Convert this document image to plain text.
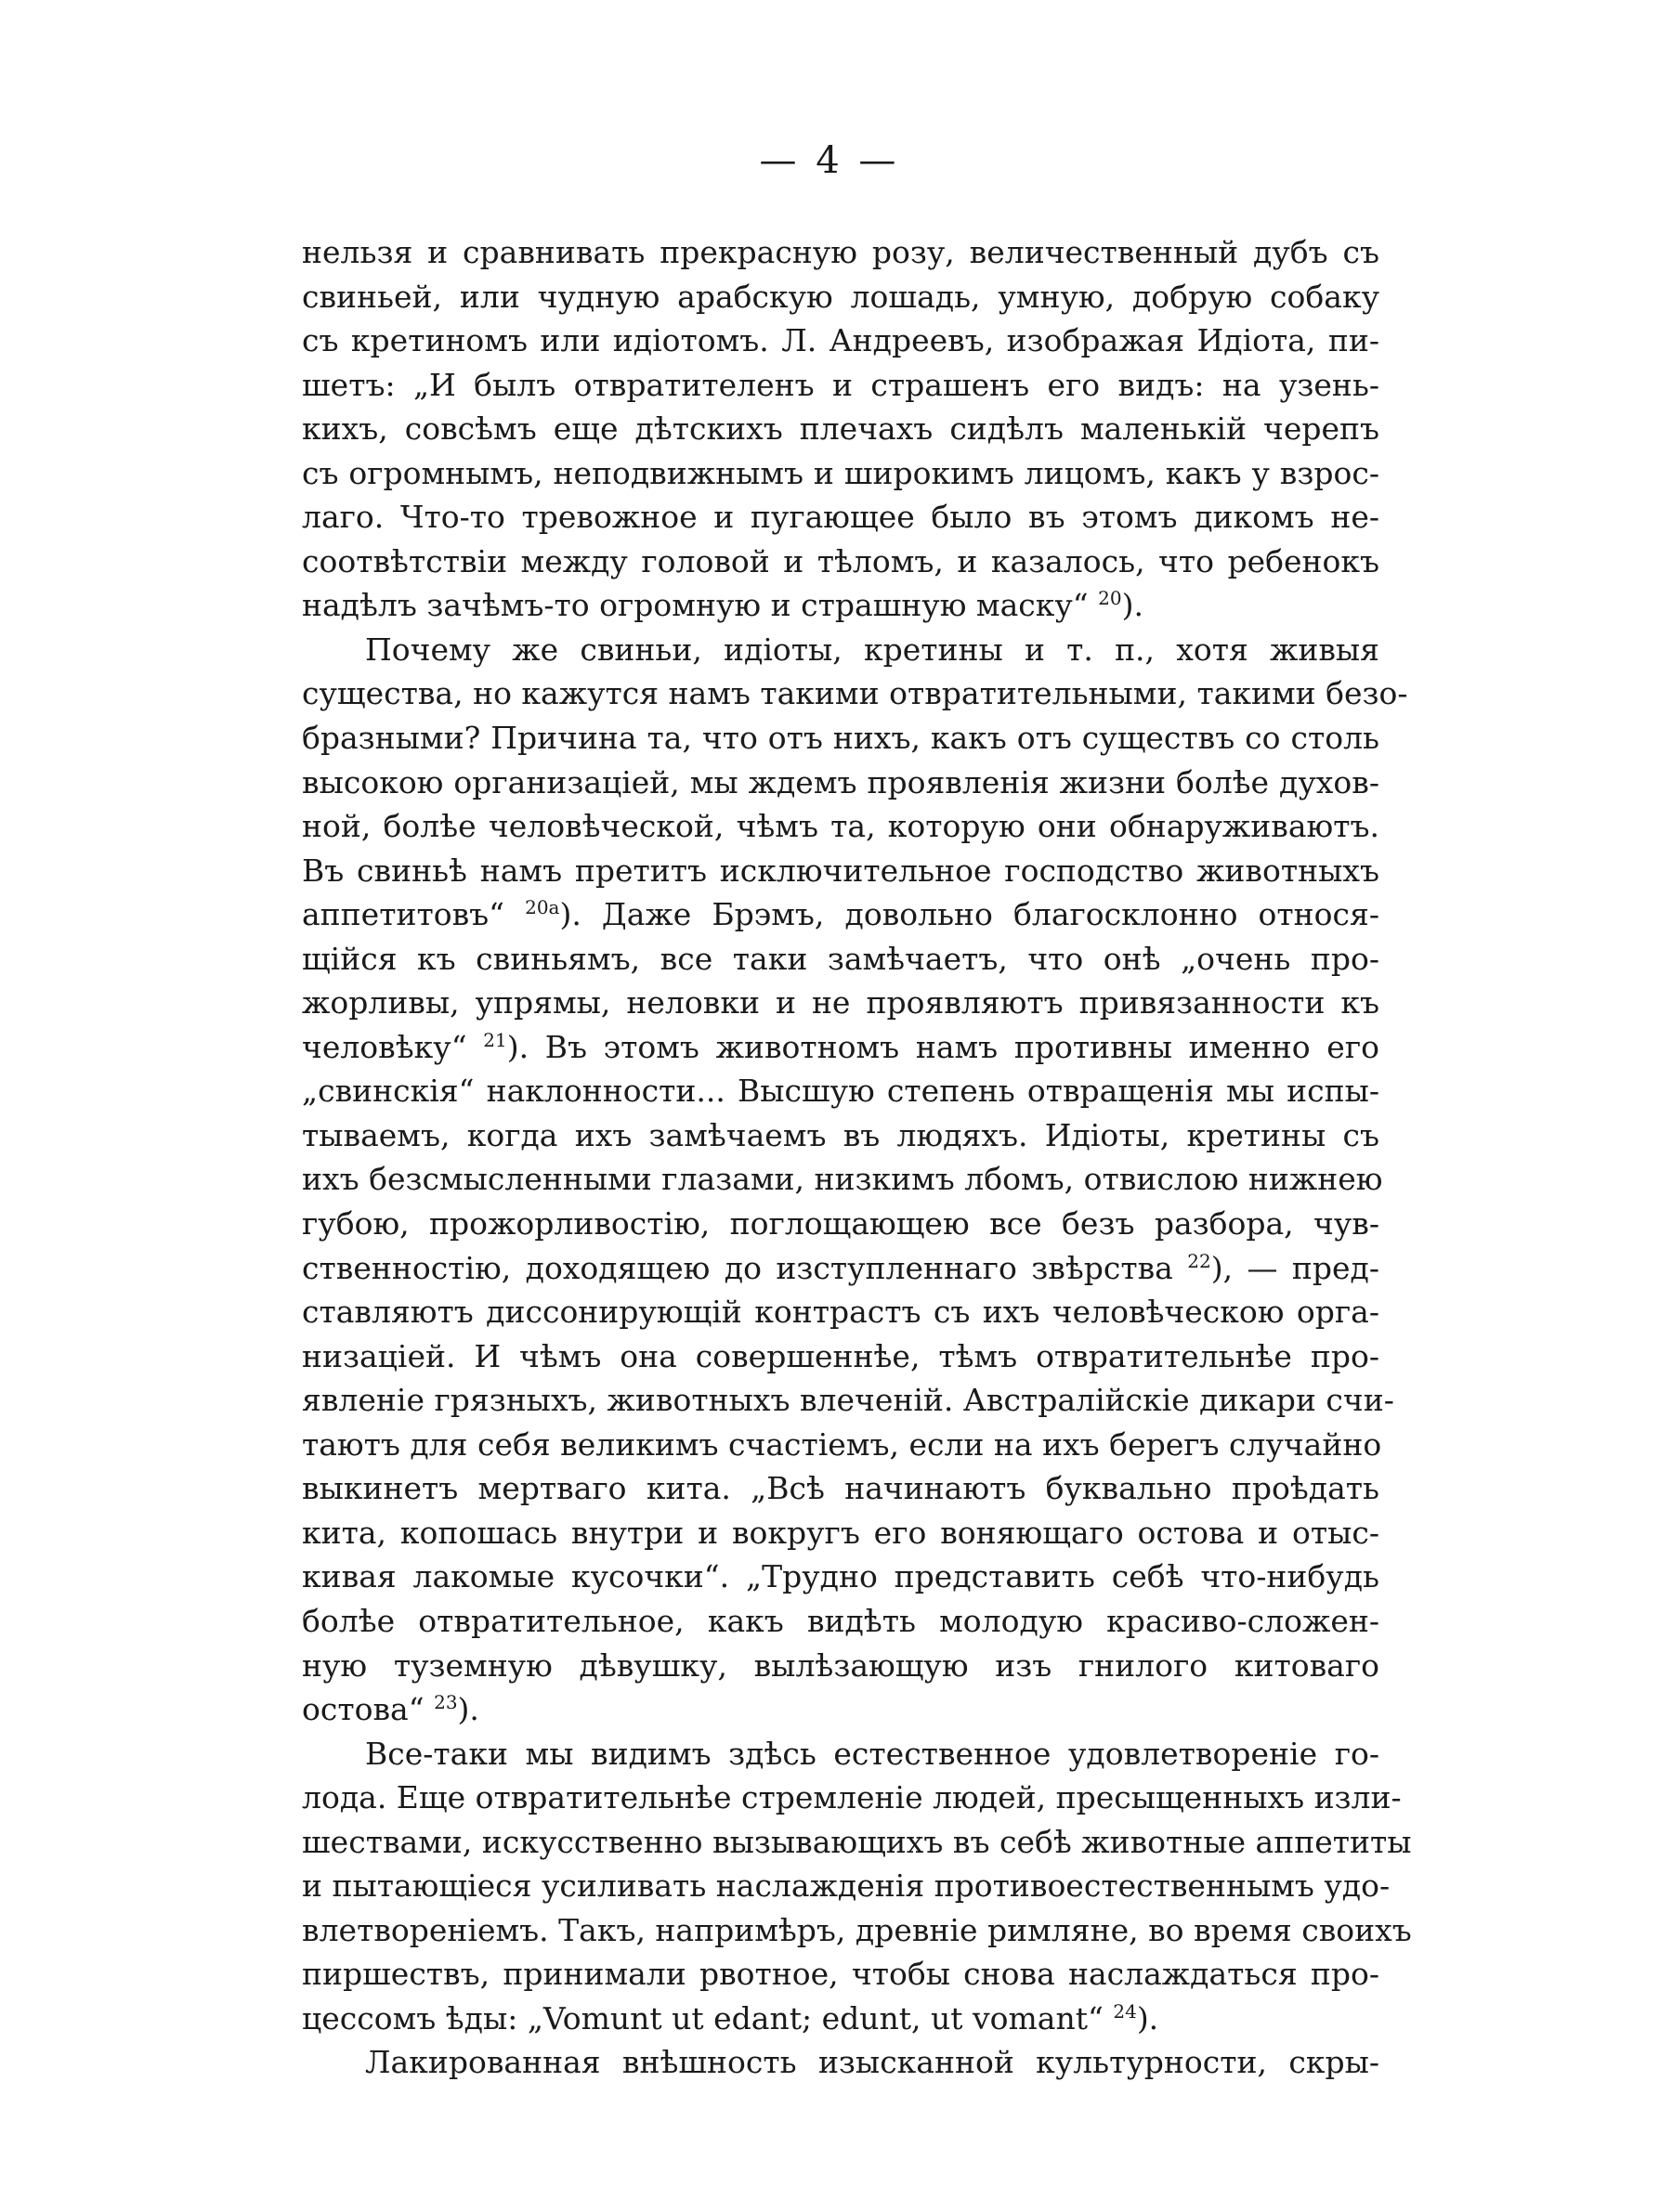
— 4 —
нельзя и сравнивать прекрасную розу, величественный дубъ съ
свиньей, или чудную арабскую лошадь, умную, добрую собаку
съ кретиномъ или идіотомъ. Л. Андреевъ, изображая Идіота, пи-
шетъ: „И былъ отвратителенъ и страшенъ его видъ: на узень-
кихъ, совсѣмъ еще дѣтскихъ плечахъ сидѣлъ маленькій черепъ
съ огромнымъ, неподвижнымъ и широкимъ лицомъ, какъ у взрос-
лаго. Что-то тревожное и пугающее было въ этомъ дикомъ не-
соотвѣтствіи между головой и тѣломъ, и казалось, что ребенокъ
надѣлъ зачѣмъ-то огромную и страшную маску“ $^{20}$).
Почему же свиньи, идіоты, кретины и т. п., хотя живыя
существа, но кажутся намъ такими отвратительными, такими безо-
бразными? Причина та, что отъ нихъ, какъ отъ существъ со столь
высокою организаціей, мы ждемъ проявленія жизни болѣе духов-
ной, болѣе человѣческой, чѣмъ та, которую они обнаруживаютъ.
Въ свиньѣ намъ претитъ исключительное господство животныхъ
аппетитовъ“ $^{20a}$). Даже Брэмъ, довольно благосклонно относя-
щійся къ свиньямъ, все таки замѣчаетъ, что онѣ „очень про-
жорливы, упрямы, неловки и не проявляютъ привязанности къ
человѣку“ $^{21}$). Въ этомъ животномъ намъ противны именно его
„свинскія“ наклонности... Высшую степень отвращенія мы испы-
тываемъ, когда ихъ замѣчаемъ въ людяхъ. Идіоты, кретины съ
ихъ безсмысленными глазами, низкимъ лбомъ, отвислою нижнею
губою, прожорливостію, поглощающею все безъ разбора, чув-
ственностію, доходящею до изступленнаго звѣрства $^{22}$), — пред-
ставляютъ диссонирующій контрастъ съ ихъ человѣческою орга-
низаціей. И чѣмъ она совершеннѣе, тѣмъ отвратительнѣе про-
явленіе грязныхъ, животныхъ влеченій. Австралійскіе дикари счи-
таютъ для себя великимъ счастіемъ, если на ихъ берегъ случайно
выкинетъ мертваго кита. „Всѣ начинаютъ буквально проѣдать
кита, копошась внутри и вокругъ его воняющаго остова и отыс-
кивая лакомые кусочки“. „Трудно представить себѣ что-нибудь
болѣе отвратительное, какъ видѣть молодую красиво-сложен-
ную туземную дѣвушку, вылѣзающую изъ гнилого китоваго
остова“ $^{23}$).
Все-таки мы видимъ здѣсь естественное удовлетвореніе го-
лода. Еще отвратительнѣе стремленіе людей, пресыщенныхъ изли-
шествами, искусственно вызывающихъ въ себѣ животные аппетиты
и пытающіеся усиливать наслажденія противоестественнымъ удо-
влетвореніемъ. Такъ, напримѣръ, древніе римляне, во время своихъ
пиршествъ, принимали рвотное, чтобы снова наслаждаться про-
цессомъ ѣды: „Vomunt ut edant; edunt, ut vomant“ $^{24}$).
Лакированная внѣшность изысканной культурности, скры-
